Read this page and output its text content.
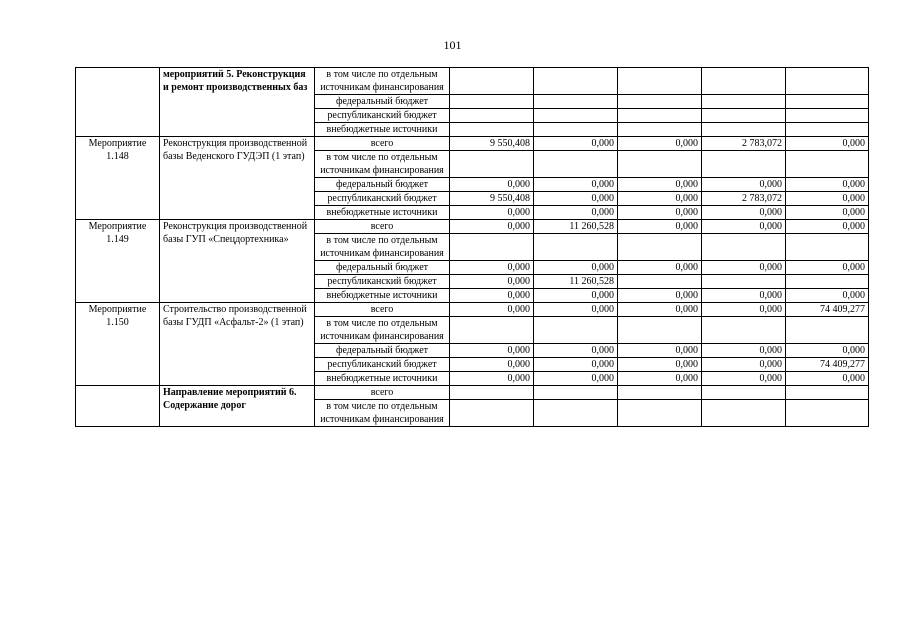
101
	мероприятий 5. Реконструкция и ремонт производственных баз	в том числе по отдельным источникам финансирования					
		федеральный бюджет					
		республиканский бюджет					
		внебюджетные источники					
Мероприятие 1.148	Реконструкция производственной базы Веденского ГУДЭП (1 этап)	всего	9 550,408	0,000	0,000	2 783,072	0,000
		в том числе по отдельным источникам финансирования					
		федеральный бюджет	0,000	0,000	0,000	0,000	0,000
		республиканский бюджет	9 550,408	0,000	0,000	2 783,072	0,000
		внебюджетные источники	0,000	0,000	0,000	0,000	0,000
Мероприятие 1.149	Реконструкция производственной базы ГУП «Спецдортехника»	всего	0,000	11 260,528	0,000	0,000	0,000
		в том числе по отдельным источникам финансирования					
		федеральный бюджет	0,000	0,000	0,000	0,000	0,000
		республиканский бюджет	0,000	11 260,528			
		внебюджетные источники	0,000	0,000	0,000	0,000	0,000
Мероприятие 1.150	Строительство производственной базы ГУДП «Асфальт-2» (1 этап)	всего	0,000	0,000	0,000	0,000	74 409,277
		в том числе по отдельным источникам финансирования					
		федеральный бюджет	0,000	0,000	0,000	0,000	0,000
		республиканский бюджет	0,000	0,000	0,000	0,000	74 409,277
		внебюджетные источники	0,000	0,000	0,000	0,000	0,000
	Направление мероприятий 6. Содержание дорог	всего					
		в том числе по отдельным источникам финансирования					
